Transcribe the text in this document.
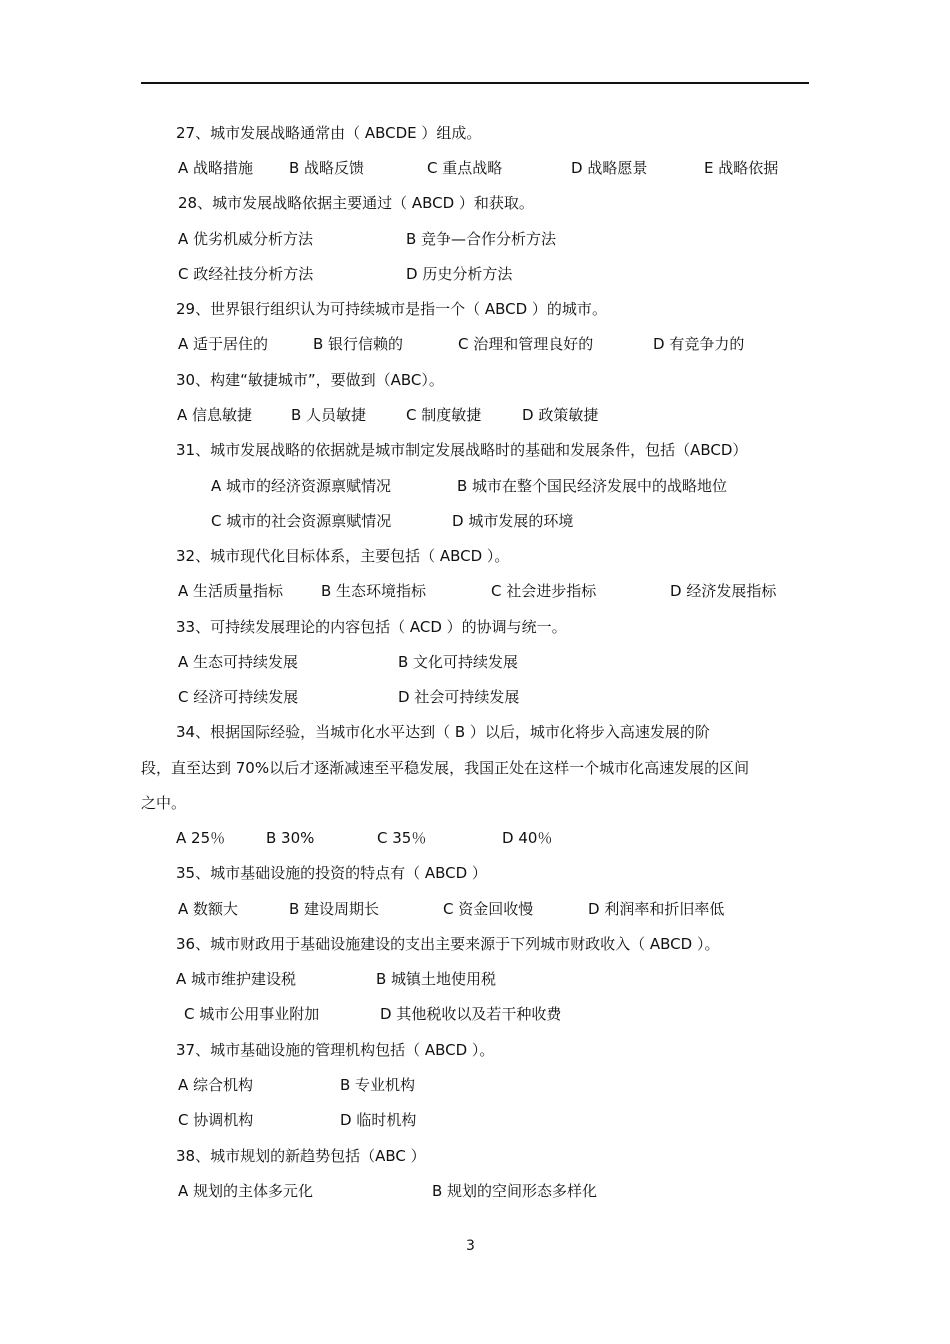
27、城市发展战略通常由（ ABCDE ）组成。
A 战略措施 B 战略反馈	C 重点战略	D 战略愿景	E 战略依据
28、城市发展战略依据主要通过（ ABCD ）和获取。
A 优劣机威分析方法	B 竞争—合作分析方法
C 政经社技分析方法	D 历史分析方法
29、世界银行组织认为可持续城市是指一个（ ABCD ）的城市。
A 适于居住的	B 银行信赖的	C 治理和管理良好的	D 有竞争力的
30、构建“敏捷城市”，要做到（ABC）。
A 信息敏捷	B 人员敏捷	C 制度敏捷	D 政策敏捷
31、城市发展战略的依据就是城市制定发展战略时的基础和发展条件，包括（ABCD）
A 城市的经济资源禀赋情况	B 城市在整个国民经济发展中的战略地位
C 城市的社会资源禀赋情况	D 城市发展的环境
32、城市现代化目标体系，主要包括（ ABCD ）。
A 生活质量指标	B 生态环境指标	C 社会进步指标	D 经济发展指标
33、可持续发展理论的内容包括（ ACD ）的协调与统一。
A 生态可持续发展	B 文化可持续发展
C 经济可持续发展	D 社会可持续发展
34、根据国际经验，当城市化水平达到（ B ）以后，城市化将步入高速发展的阶
段，直至达到 70%以后才逐渐减速至平稳发展，我国正处在这样一个城市化高速发展的区间
之中。
A 25％	B 30%	C 35％	D 40％
35、城市基础设施的投资的特点有（ ABCD ）
A 数额大	B 建设周期长	C 资金回收慢	D 利润率和折旧率低
36、城市财政用于基础设施建设的支出主要来源于下列城市财政收入（ ABCD ）。
A 城市维护建设税	B 城镇土地使用税
C 城市公用事业附加	D 其他税收以及若干种收费
37、城市基础设施的管理机构包括（ ABCD ）。
A 综合机构	B 专业机构
C 协调机构	D 临时机构
38、城市规划的新趋势包括（ABC ）
A 规划的主体多元化	B 规划的空间形态多样化
3
